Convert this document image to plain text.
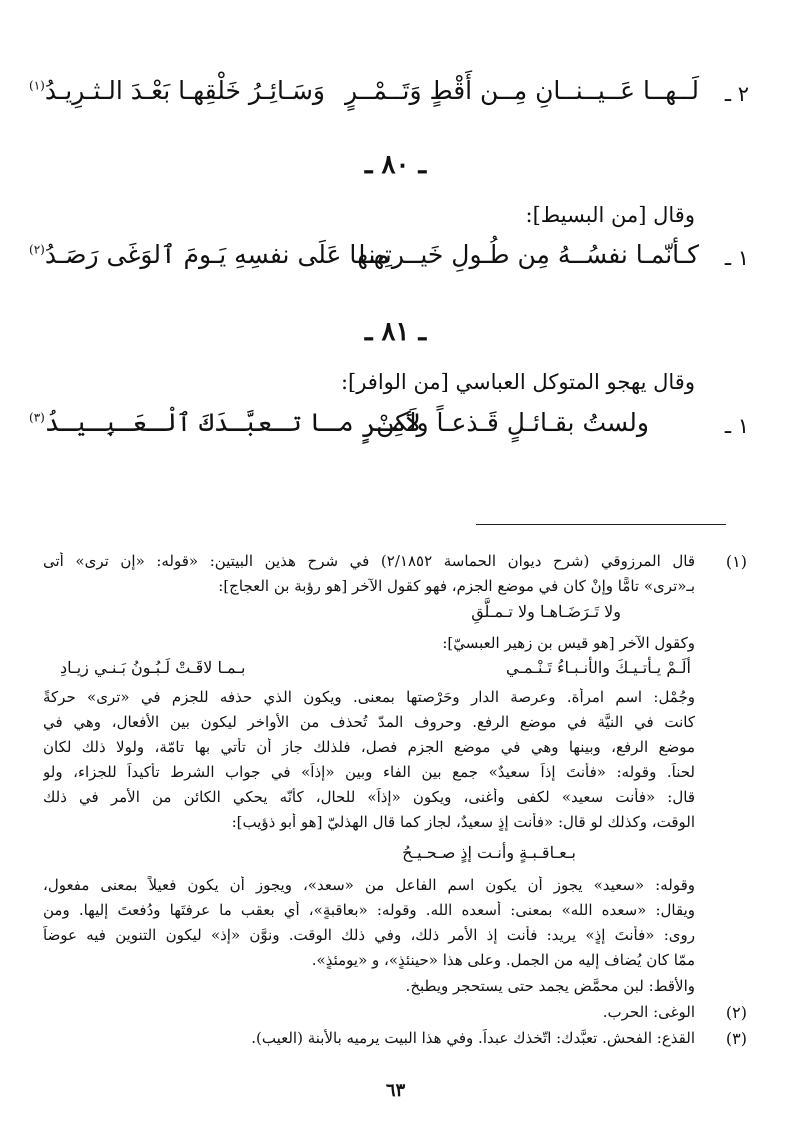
٢ ـ
لَــهــا عَــيــنــانِ مِــن أَقْطٍ وَتَــمْــرٍ
وَسَـائِـرُ خَلْقِهـا بَعْـدَ الـثـرِيـدُ$^{(١)}$
ـ ٨٠ ـ
وقال [من البسيط]:
١ ـ
كـأنّمـا نفسُــهُ مِن طُـولِ خَيــرتِهـا
منها عَلَى نفسِهِ يَـومَ ٱلوَغَى رَصَـدُ$^{(٢)}$
ـ ٨١ ـ
وقال يهجو المتوكل العباسي [من الوافر]:
١ ـ
ولستُ بقـائـلٍ قَـذعـاً ولَكِنْ
لأمـرٍ مـا تـعبَّـدَكَ ٱلْـعَـبِـيـدُ$^{(٣)}$
(١)
قال المرزوقي (شرح ديوان الحماسة ٢/١٨٥٢) في شرح هذين البيتين: «قوله: «إن ترى» أتى
بـ«ترى» تامًّا وإنْ كان في موضع الجزم، فهو كقول الآخر [هو رؤبة بن العجاج]:
ولا تَـرَضَـاهـا ولا تـمـلَّقِ
وكقول الآخر [هو قيس بن زهير العبسيّ]:
ألَـمْ يـأتـيـكَ والأنـبـاءُ تَـنْـمـي
بـمـا لاقَـتْ لَـبُـونُ بَـنـي زيـادِ
وجُمْل: اسم امرأة. وعرصة الدار وحَرْصتها بمعنى. ويكون الذي حذفه للجزم في «ترى» حركةً
كانت في النيَّة في موضع الرفع. وحروف المدّ تُحذف من الأواخر ليكون بين الأفعال، وهي في
موضع الرفع، وبينها وهي في موضع الجزم فصل، فلذلك جاز أن تأتي بها تامّة، ولولا ذلك لكان
لحناً. وقوله: «فأنتَ إذاً سعيدٌ» جمع بين الفاء وبين «إذاً» في جواب الشرط تأكيداً للجزاء، ولو
قال: «فأنت سعيد» لكفى وأغنى، ويكون «إذاً» للحال، كأنّه يحكي الكائن من الأمر في ذلك
الوقت، وكذلك لو قال: «فأنت إذٍ سعيدٌ، لجاز كما قال الهذليّ [هو أبو ذؤيب]:
بـعـاقـبـةٍ وأنـت إذٍ صـحـيـحُ
وقوله: «سعيد» يجوز أن يكون اسم الفاعل من «سعد»، ويجوز أن يكون فعيلاً بمعنى مفعول،
ويقال: «سعده الله» بمعنى: أسعده الله. وقوله: «بعاقبةٍ»، أي بعقب ما عرفتَها ودُفعتَ إليها. ومن
روى: «فأنتَ إذٍ» يريد: فأنت إذ الأمر ذلك، وفي ذلك الوقت. ونوَّن «إذ» ليكون التنوين فيه عوضاً
ممّا كان يُضاف إليه من الجمل. وعلى هذا «حينئذٍ»، و «يومئذٍ».
والأقط: لبن محمَّض يجمد حتى يستحجر ويطبخ.
(٢)
الوغى: الحرب.
(٣)
القذع: الفحش. تعبَّدك: اتّخذك عبداً. وفي هذا البيت يرميه بالأبنة (العيب).
٦٣
